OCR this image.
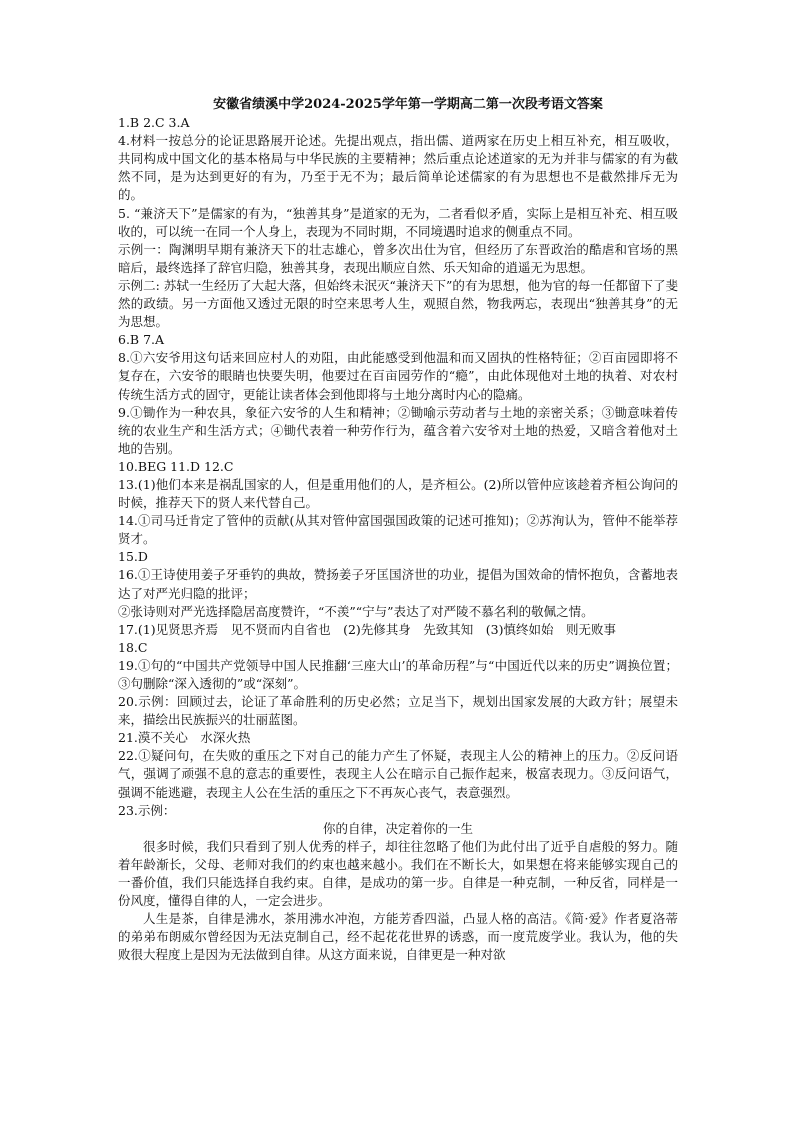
安徽省绩溪中学2024-2025学年第一学期高二第一次段考语文答案

1.B 2.C 3.A

4.材料一按总分的论证思路展开论述。先提出观点，指出儒、道两家在历史上相互补充，相互吸收，共同构成中国文化的基本格局与中华民族的主要精神；然后重点论述道家的无为并非与儒家的有为截然不同，是为达到更好的有为，乃至于无不为；最后简单论述儒家的有为思想也不是截然排斥无为的。

5. “兼济天下”是儒家的有为，“独善其身”是道家的无为，二者看似矛盾，实际上是相互补充、相互吸收的，可以统一在同一个人身上，表现为不同时期，不同境遇时追求的侧重点不同。

示例一：陶渊明早期有兼济天下的壮志雄心，曾多次出仕为官，但经历了东晋政治的酷虐和官场的黑暗后，最终选择了辞官归隐，独善其身，表现出顺应自然、乐天知命的逍遥无为思想。

示例二: 苏轼一生经历了大起大落，但始终未泯灭“兼济天下”的有为思想，他为官的每一任都留下了斐然的政绩。另一方面他又透过无限的时空来思考人生，观照自然，物我两忘，表现出“独善其身”的无为思想。

6.B 7.A

8.①六安爷用这句话来回应村人的劝阻，由此能感受到他温和而又固执的性格特征；②百亩园即将不复存在，六安爷的眼睛也快要失明，他要过在百亩园劳作的“瘾”，由此体现他对土地的执着、对农村传统生活方式的固守，更能让读者体会到他即将与土地分离时内心的隐痛。

9.①锄作为一种农具，象征六安爷的人生和精神；②锄喻示劳动者与土地的亲密关系；③锄意味着传统的农业生产和生活方式；④锄代表着一种劳作行为，蕴含着六安爷对土地的热爱，又暗含着他对土地的告别。

10.BEG 11.D 12.C

13.(1)他们本来是祸乱国家的人，但是重用他们的人，是齐桓公。(2)所以管仲应该趁着齐桓公询问的时候，推荐天下的贤人来代替自己。

14.①司马迁肯定了管仲的贡献(从其对管仲富国强国政策的记述可推知)；②苏洵认为，管仲不能举荐贤才。

15.D

16.①王诗使用姜子牙垂钓的典故，赞扬姜子牙匡国济世的功业，提倡为国效命的情怀抱负，含蓄地表达了对严光归隐的批评；

②张诗则对严光选择隐居高度赞许，“不羡”“宁与”表达了对严陵不慕名利的敬佩之情。

17.(1)见贤思齐焉　见不贤而内自省也　(2)先修其身　先致其知　(3)慎终如始　则无败事

18.C

19.①句的“中国共产党领导中国人民推翻‘三座大山’的革命历程”与“中国近代以来的历史”调换位置；③句删除“深入透彻的”或“深刻”。

20.示例：回顾过去，论证了革命胜利的历史必然；立足当下，规划出国家发展的大政方针；展望未来，描绘出民族振兴的壮丽蓝图。

21.漠不关心　水深火热

22.①疑问句，在失败的重压之下对自己的能力产生了怀疑，表现主人公的精神上的压力。②反问语气，强调了顽强不息的意志的重要性，表现主人公在暗示自己振作起来，极富表现力。③反问语气，强调不能逃避，表现主人公在生活的重压之下不再灰心丧气，表意强烈。

23.示例：

你的自律，决定着你的一生

很多时候，我们只看到了别人优秀的样子，却往往忽略了他们为此付出了近乎自虐般的努力。随着年龄渐长，父母、老师对我们的约束也越来越小。我们在不断长大，如果想在将来能够实现自己的一番价值，我们只能选择自我约束。自律，是成功的第一步。自律是一种克制，一种反省，同样是一份风度，懂得自律的人，一定会进步。

人生是茶，自律是沸水，茶用沸水冲泡，方能芳香四溢，凸显人格的高洁。《简·爱》作者夏洛蒂的弟弟布朗威尔曾经因为无法克制自己，经不起花花世界的诱惑，而一度荒废学业。我认为，他的失败很大程度上是因为无法做到自律。从这方面来说，自律更是一种对欲
